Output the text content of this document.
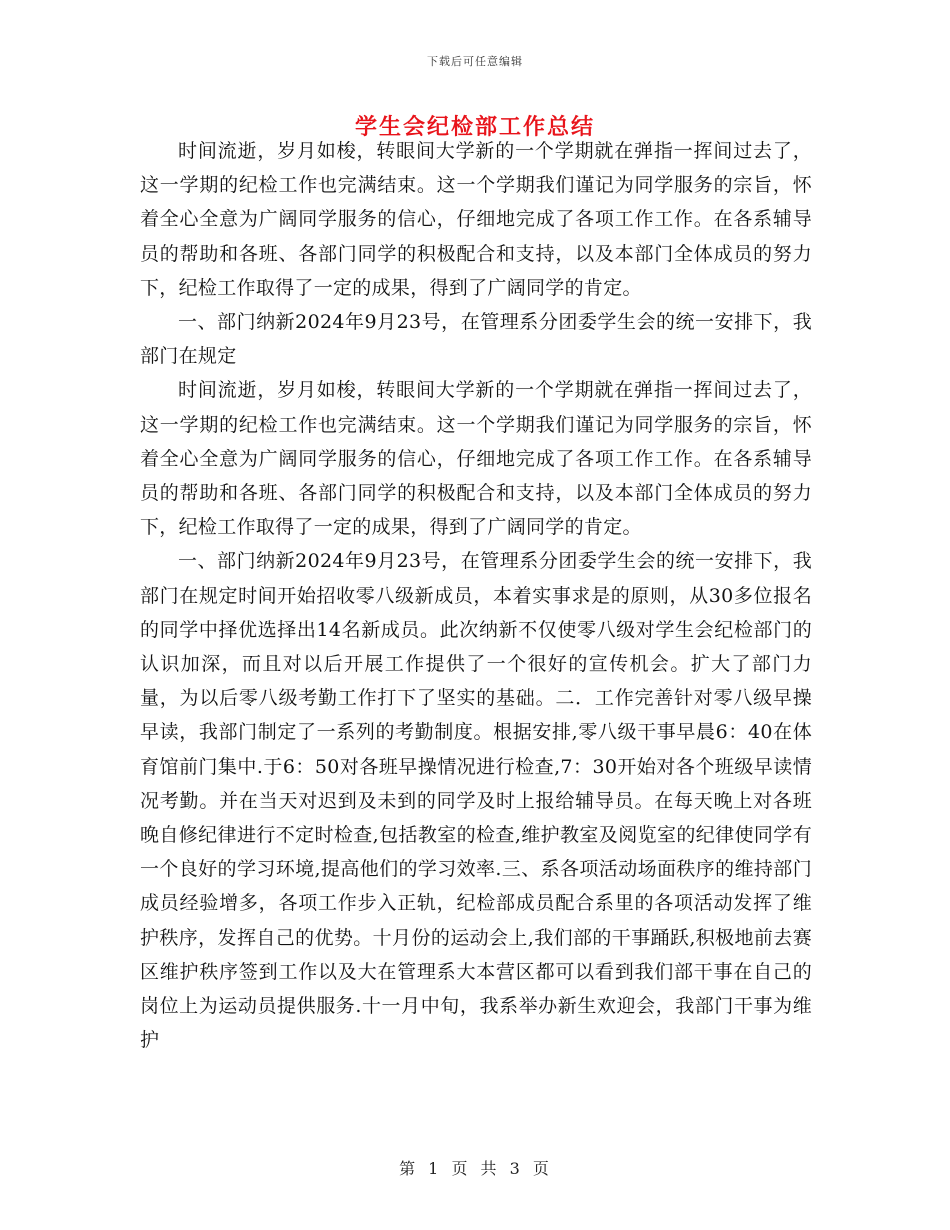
下载后可任意编辑
学生会纪检部工作总结

时间流逝，岁月如梭，转眼间大学新的一个学期就在弹指一挥间过去了，这一学期的纪检工作也完满结束。这一个学期我们谨记为同学服务的宗旨，怀着全心全意为广阔同学服务的信心，仔细地完成了各项工作工作。在各系辅导员的帮助和各班、各部门同学的积极配合和支持，以及本部门全体成员的努力下，纪检工作取得了一定的成果，得到了广阔同学的肯定。

一、部门纳新2024年9月23号，在管理系分团委学生会的统一安排下，我部门在规定

时间流逝，岁月如梭，转眼间大学新的一个学期就在弹指一挥间过去了，这一学期的纪检工作也完满结束。这一个学期我们谨记为同学服务的宗旨，怀着全心全意为广阔同学服务的信心，仔细地完成了各项工作工作。在各系辅导员的帮助和各班、各部门同学的积极配合和支持，以及本部门全体成员的努力下，纪检工作取得了一定的成果，得到了广阔同学的肯定。

一、部门纳新2024年9月23号，在管理系分团委学生会的统一安排下，我部门在规定时间开始招收零八级新成员，本着实事求是的原则，从30多位报名的同学中择优选择出14名新成员。此次纳新不仅使零八级对学生会纪检部门的认识加深，而且对以后开展工作提供了一个很好的宣传机会。扩大了部门力量，为以后零八级考勤工作打下了坚实的基础。二．工作完善针对零八级早操早读，我部门制定了一系列的考勤制度。根据安排,零八级干事早晨6：40在体育馆前门集中.于6：50对各班早操情况进行检查,7：30开始对各个班级早读情况考勤。并在当天对迟到及未到的同学及时上报给辅导员。在每天晚上对各班晚自修纪律进行不定时检查,包括教室的检查,维护教室及阅览室的纪律使同学有一个良好的学习环境,提高他们的学习效率.三、系各项活动场面秩序的维持部门成员经验增多，各项工作步入正轨，纪检部成员配合系里的各项活动发挥了维护秩序，发挥自己的优势。十月份的运动会上,我们部的干事踊跃,积极地前去赛区维护秩序签到工作以及大在管理系大本营区都可以看到我们部干事在自己的岗位上为运动员提供服务.十一月中旬，我系举办新生欢迎会，我部门干事为维护

第 1 页 共 3 页
